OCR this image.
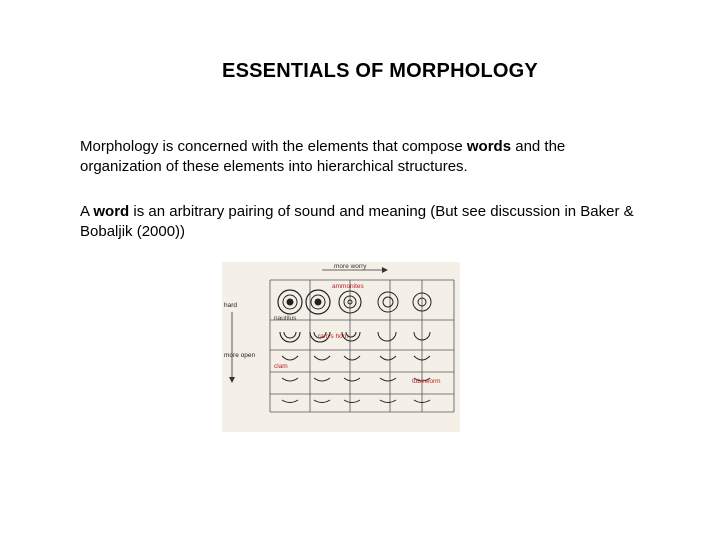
ESSENTIALS OF MORPHOLOGY
Morphology is concerned with the elements that compose words and the organization of these elements into hierarchical structures.
A word is an arbitrary pairing of sound and meaning (But see discussion in Baker & Bobaljik (2000))
more worry
hard
more open
ammonites
nautilus
ram's horn
clam
tubeworm
